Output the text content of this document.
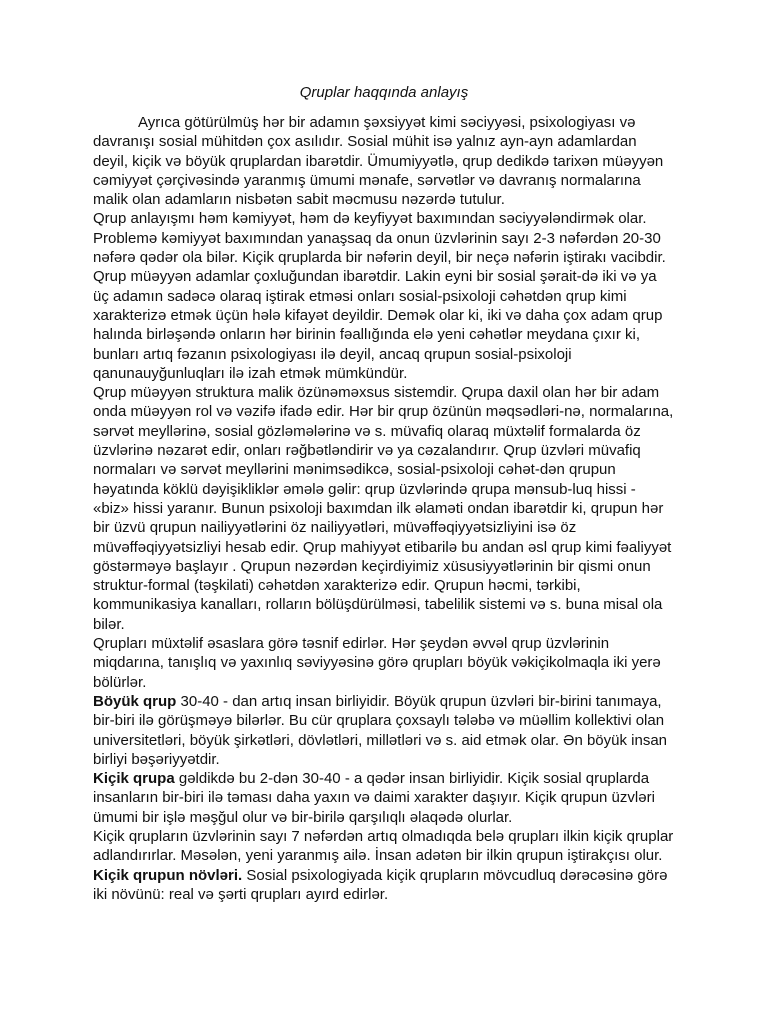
Qruplar haqqında anlayış

Ayrıca götürülmüş hər bir adamın şəxsiyyət kimi səciyyəsi, psixologiyası və davranışı sosial mühitdən çox asılıdır. Sosial mühit isə yalnız ayn-ayn adamlardan deyil, kiçik və böyük qruplardan ibarətdir. Ümumiyyətlə, qrup dedikdə tarixən müəyyən cəmiyyət çərçivəsində yaranmış ümumi mənafe, sərvətlər və davranış normalarına malik olan adamların nisbətən sabit məcmusu nəzərdə tutulur.

Qrup anlayışmı həm kəmiyyət, həm də keyfiyyət baxımından səciyyələndirmək olar. Problemə kəmiyyət baxımından yanaşsaq da onun üzvlərinin sayı 2-3 nəfərdən 20-30 nəfərə qədər ola bilər. Kiçik qruplarda bir nəfərin deyil, bir neçə nəfərin iştirakı vacibdir. Qrup müəyyən adamlar çoxluğundan ibarətdir. Lakin eyni bir sosial şərait-də iki və ya üç adamın sadəcə olaraq iştirak etməsi onları sosial-psixoloji cəhətdən qrup kimi xarakterizə etmək üçün hələ kifayət deyildir. Demək olar ki, iki və daha çox adam qrup halında birləşəndə onların hər birinin fəallığında elə yeni cəhətlər meydana çıxır ki, bunları artıq fəzanın psixologiyası ilə deyil, ancaq qrupun sosial-psixoloji qanunauyğunluqları ilə izah etmək mümkündür.

Qrup müəyyən struktura malik özünəməxsus sistemdir. Qrupa daxil olan hər bir adam onda müəyyən rol və vəzifə ifadə edir. Hər bir qrup özünün məqsədləri-nə, normalarına, sərvət meyllərinə, sosial gözləmələrinə və s. müvafiq olaraq müxtəlif formalarda öz üzvlərinə nəzarət edir, onları rəğbətləndirir və ya cəzalandırır. Qrup üzvləri müvafiq normaları və sərvət meyllərini mənimsədikcə, sosial-psixoloji cəhət-dən qrupun həyatında köklü dəyişikliklər əmələ gəlir: qrup üzvlərində qrupa mənsub-luq hissi - «biz» hissi yaranır. Bunun psixoloji baxımdan ilk əlaməti ondan ibarətdir ki, qrupun hər bir üzvü qrupun nailiyyətlərini öz nailiyyətləri, müvəffəqiyyətsizliyini isə öz müvəffəqiyyətsizliyi hesab edir. Qrup mahiyyət etibarilə bu andan əsl qrup kimi fəaliyyət göstərməyə başlayır . Qrupun nəzərdən keçirdiyimiz xüsusiyyətlərinin bir qismi onun struktur-formal (təşkilati) cəhətdən xarakterizə edir. Qrupun həcmi, tərkibi, kommunikasiya kanalları, rolların bölüşdürülməsi, tabelilik sistemi və s. buna misal ola bilər.

Qrupları müxtəlif əsaslara görə təsnif edirlər. Hər şeydən əvvəl qrup üzvlərinin miqdarına, tanışlıq və yaxınlıq səviyyəsinə görə qrupları böyük vəkiçikolmaqla iki yerə bölürlər.

Böyük qrup 30-40 - dan artıq insan birliyidir. Böyük qrupun üzvləri bir-birini tanımaya, bir-biri ilə görüşməyə bilərlər. Bu cür qruplara çoxsaylı tələbə və müəllim kollektivi olan universitetləri, böyük şirkətləri, dövlətləri, millətləri və s. aid etmək olar. Ən böyük insan birliyi bəşəriyyətdir.

Kiçik qrupa gəldikdə bu 2-dən 30-40 - a qədər insan birliyidir. Kiçik sosial qruplarda insanların bir-biri ilə təması daha yaxın və daimi xarakter daşıyır. Kiçik qrupun üzvləri ümumi bir işlə məşğul olur və bir-birilə qarşılıqlı əlaqədə olurlar.

Kiçik qrupların üzvlərinin sayı 7 nəfərdən artıq olmadıqda belə qrupları ilkin kiçik qruplar adlandırırlar. Məsələn, yeni yaranmış ailə. İnsan adətən bir ilkin qrupun iştirakçısı olur.

Kiçik qrupun növləri. Sosial psixologiyada kiçik qrupların mövcudluq dərəcəsinə görə iki növünü: real və şərti qrupları ayırd edirlər.
